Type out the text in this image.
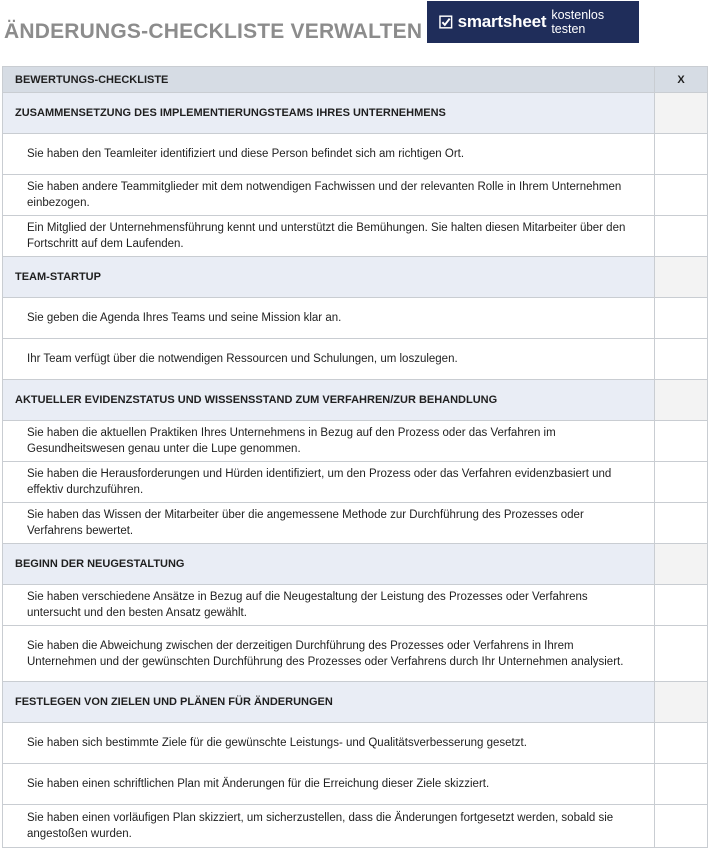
ÄNDERUNGS-CHECKLISTE VERWALTEN smartsheet kostenlos testen
BEWERTUNGS-CHECKLISTE	X
ZUSAMMENSETZUNG DES IMPLEMENTIERUNGSTEAMS IHRES UNTERNEHMENS	
Sie haben den Teamleiter identifiziert und diese Person befindet sich am richtigen Ort.	
Sie haben andere Teammitglieder mit dem notwendigen Fachwissen und der relevanten Rolle in Ihrem Unternehmen einbezogen.	
Ein Mitglied der Unternehmensführung kennt und unterstützt die Bemühungen. Sie halten diesen Mitarbeiter über den Fortschritt auf dem Laufenden.	
TEAM-STARTUP	
Sie geben die Agenda Ihres Teams und seine Mission klar an.	
Ihr Team verfügt über die notwendigen Ressourcen und Schulungen, um loszulegen.	
AKTUELLER EVIDENZSTATUS UND WISSENSSTAND ZUM VERFAHREN/ZUR BEHANDLUNG	
Sie haben die aktuellen Praktiken Ihres Unternehmens in Bezug auf den Prozess oder das Verfahren im Gesundheitswesen genau unter die Lupe genommen.	
Sie haben die Herausforderungen und Hürden identifiziert, um den Prozess oder das Verfahren evidenzbasiert und effektiv durchzuführen.	
Sie haben das Wissen der Mitarbeiter über die angemessene Methode zur Durchführung des Prozesses oder Verfahrens bewertet.	
BEGINN DER NEUGESTALTUNG	
Sie haben verschiedene Ansätze in Bezug auf die Neugestaltung der Leistung des Prozesses oder Verfahrens untersucht und den besten Ansatz gewählt.	
Sie haben die Abweichung zwischen der derzeitigen Durchführung des Prozesses oder Verfahrens in Ihrem Unternehmen und der gewünschten Durchführung des Prozesses oder Verfahrens durch Ihr Unternehmen analysiert.	
FESTLEGEN VON ZIELEN UND PLÄNEN FÜR ÄNDERUNGEN	
Sie haben sich bestimmte Ziele für die gewünschte Leistungs- und Qualitätsverbesserung gesetzt.	
Sie haben einen schriftlichen Plan mit Änderungen für die Erreichung dieser Ziele skizziert.	
Sie haben einen vorläufigen Plan skizziert, um sicherzustellen, dass die Änderungen fortgesetzt werden, sobald sie angestoßen wurden.	
